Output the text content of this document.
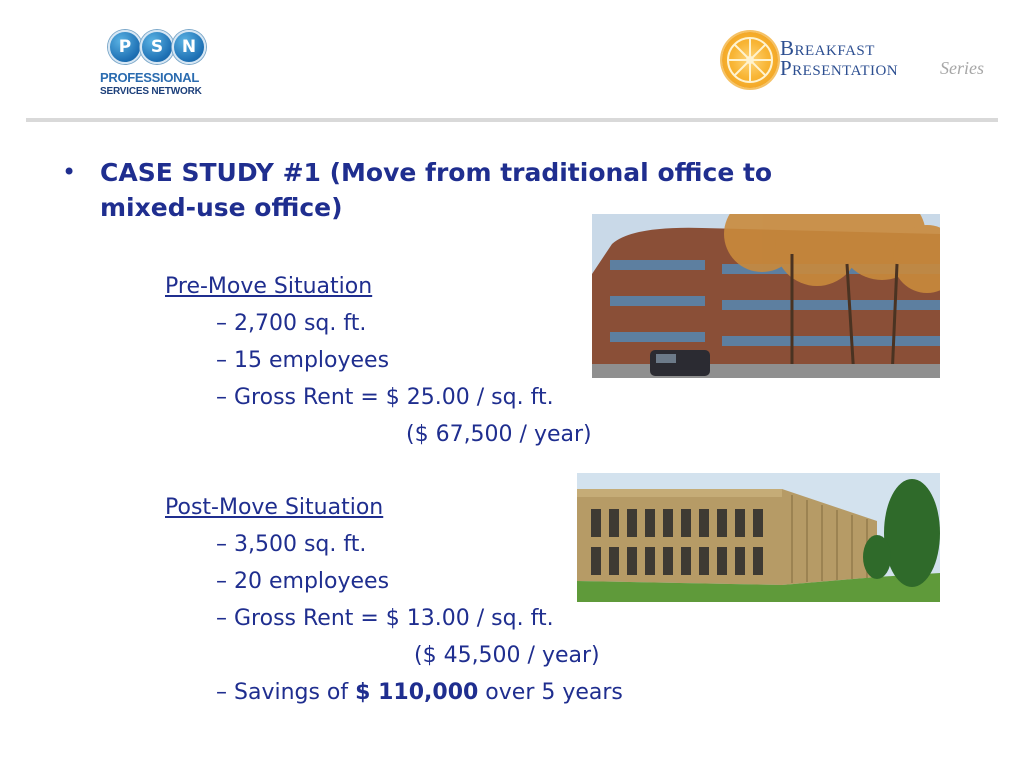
P	S	N
PROFESSIONAL
SERVICES NETWORK
Breakfast
Presentation Series
• CASE STUDY #1 (Move from traditional office to
mixed-use office)
Pre-Move Situation
– 2,700 sq. ft.
– 15 employees
– Gross Rent = $ 25.00 / sq. ft.
($ 67,500 / year)
Post-Move Situation
– 3,500 sq. ft.
– 20 employees
– Gross Rent = $ 13.00 / sq. ft.
($ 45,500 / year)
– Savings of $ 110,000 over 5 years
